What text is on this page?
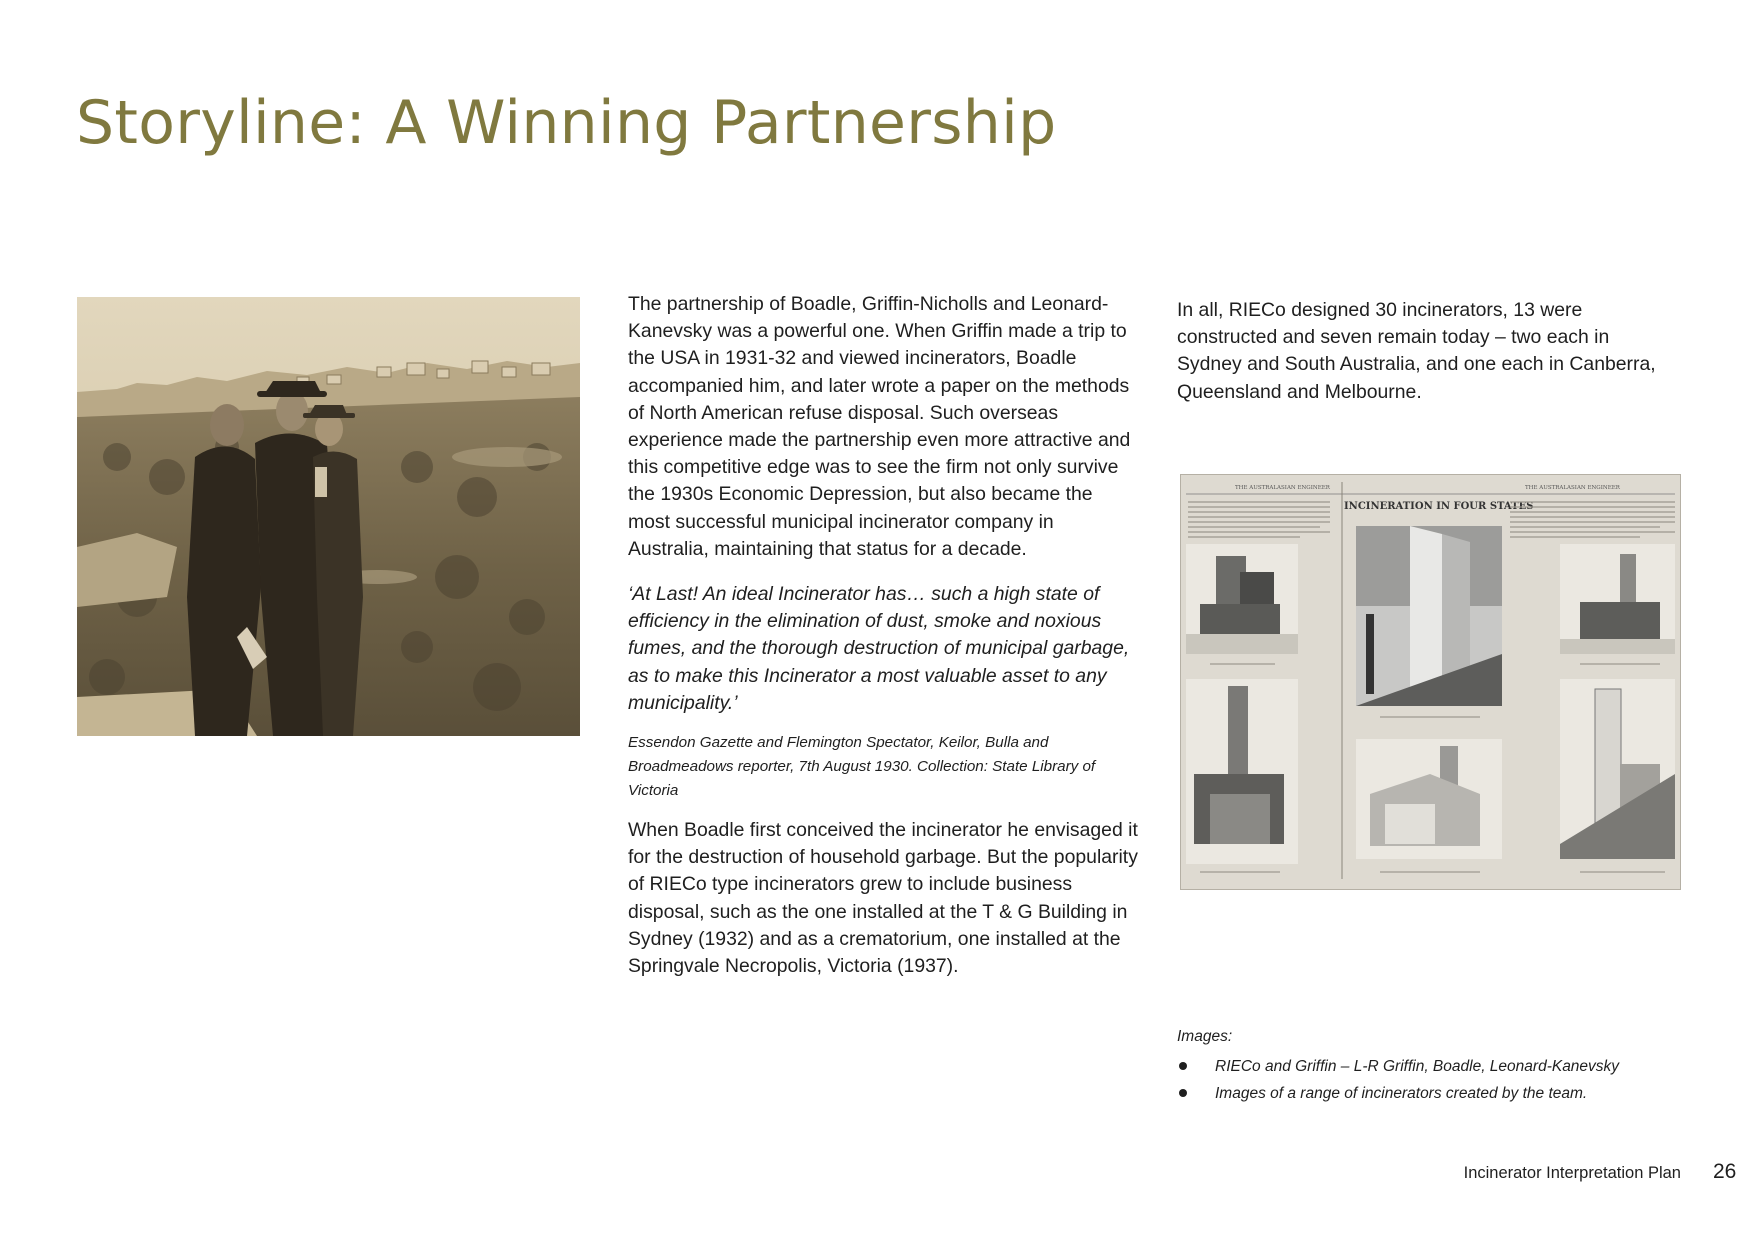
Storyline: A Winning Partnership

The partnership of Boadle, Griffin-Nicholls and Leonard-Kanevsky was a powerful one. When Griffin made a trip to the USA in 1931-32 and viewed incinerators, Boadle accompanied him, and later wrote a paper on the methods of North American refuse disposal. Such overseas experience made the partnership even more attractive and this competitive edge was to see the firm not only survive the 1930s Economic Depression, but also became the most successful municipal incinerator company in Australia, maintaining that status for a decade.

‘At Last! An ideal Incinerator has… such a high state of efficiency in the elimination of dust, smoke and noxious fumes, and the thorough destruction of municipal garbage, as to make this Incinerator a most valuable asset to any municipality.’

Essendon Gazette and Flemington Spectator, Keilor, Bulla and Broadmeadows reporter, 7th August 1930. Collection: State Library of Victoria

When Boadle first conceived the incinerator he envisaged it for the destruction of household garbage. But the popularity of RIECo type incinerators grew to include business disposal, such as the one installed at the T & G Building in Sydney (1932) and as a crematorium, one installed at the Springvale Necropolis, Victoria (1937).

In all, RIECo designed 30 incinerators, 13 were constructed and seven remain today – two each in Sydney and South Australia, and one each in Canberra, Queensland and Melbourne.

THE AUSTRALASIAN ENGINEER	THE AUSTRALASIAN ENGINEER
INCINERATION IN FOUR STATES

Images:

RIECo and Griffin – L-R Griffin, Boadle, Leonard-Kanevsky
Images of a range of incinerators created by the team.
Incinerator Interpretation Plan 26
